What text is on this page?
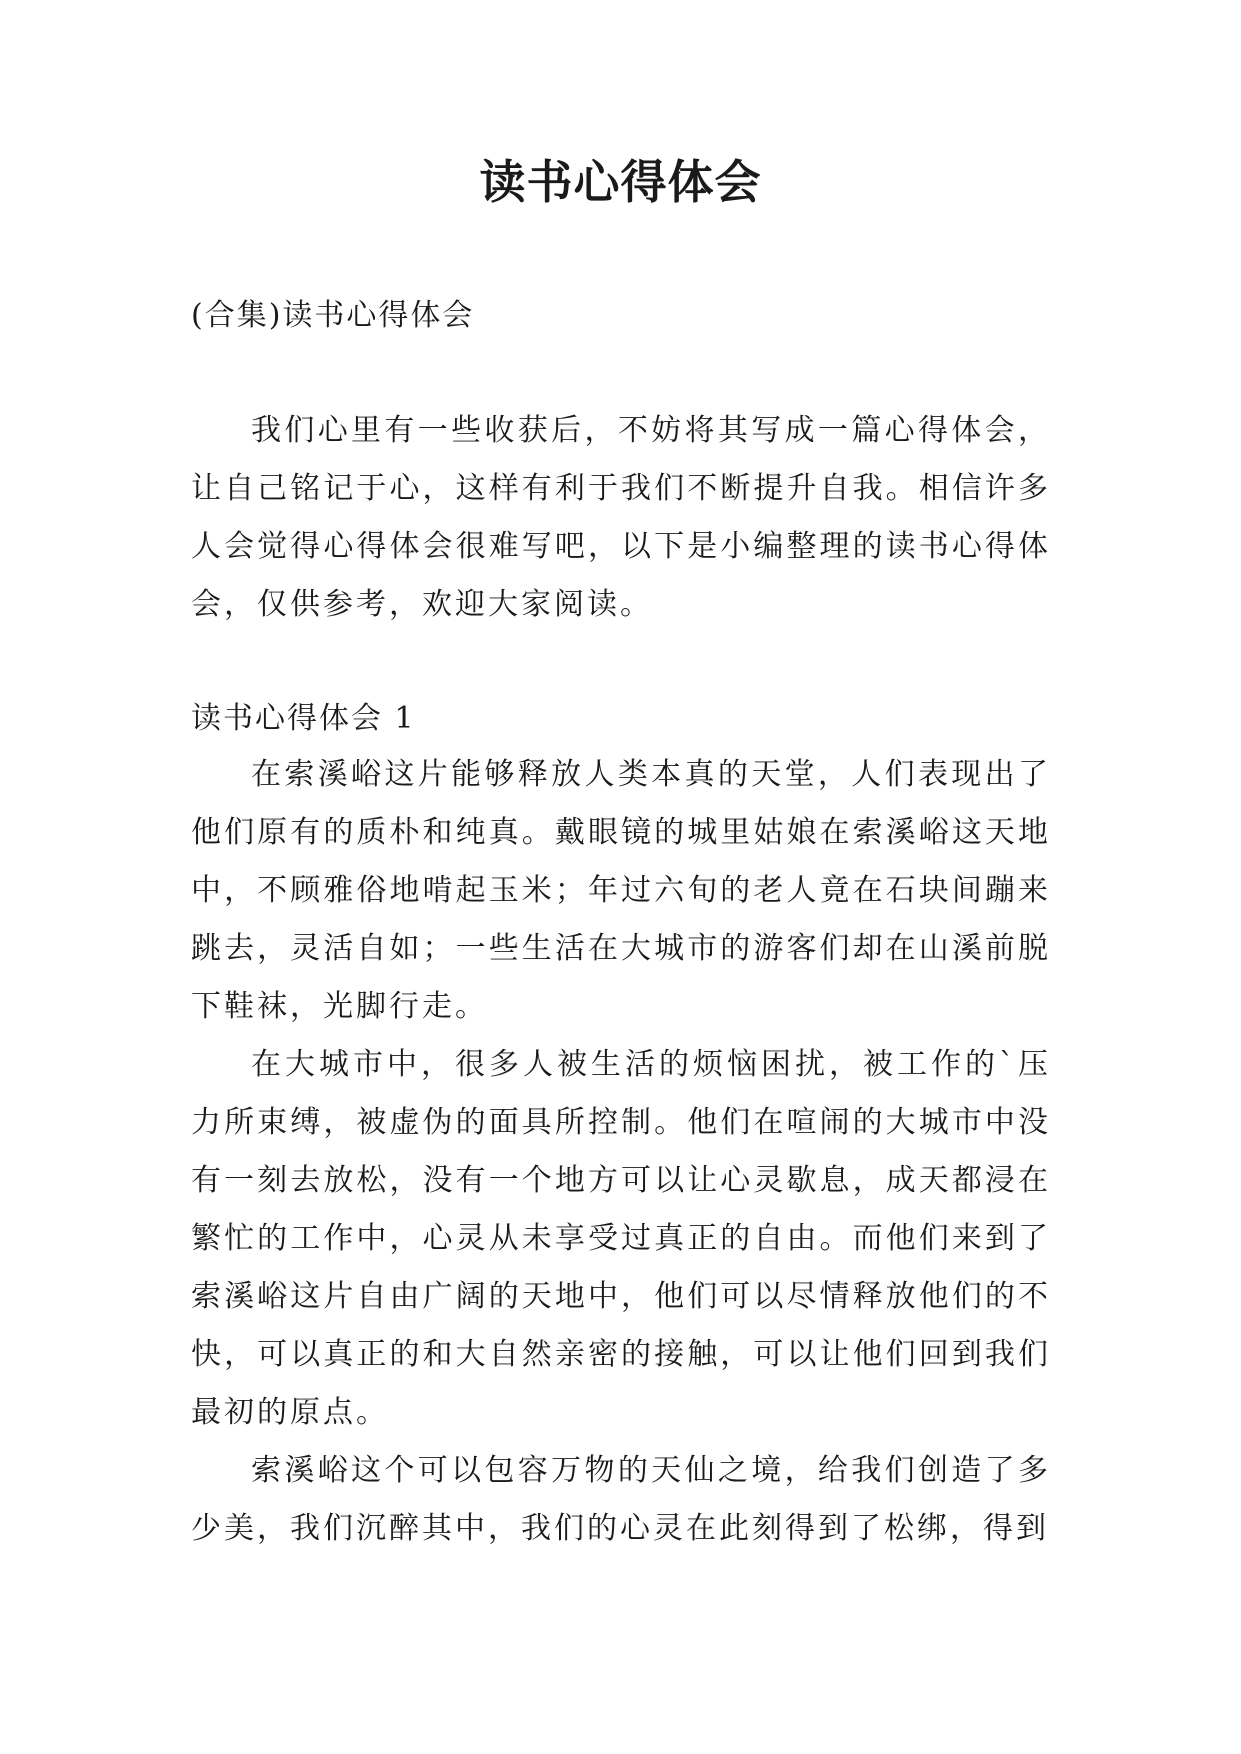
读书心得体会

(合集)读书心得体会

我们心里有一些收获后，不妨将其写成一篇心得体会，让自己铭记于心，这样有利于我们不断提升自我。相信许多人会觉得心得体会很难写吧，以下是小编整理的读书心得体会，仅供参考，欢迎大家阅读。

读书心得体会 1

在索溪峪这片能够释放人类本真的天堂，人们表现出了他们原有的质朴和纯真。戴眼镜的城里姑娘在索溪峪这天地中，不顾雅俗地啃起玉米；年过六旬的老人竟在石块间蹦来跳去，灵活自如；一些生活在大城市的游客们却在山溪前脱下鞋袜，光脚行走。

在大城市中，很多人被生活的烦恼困扰，被工作的`压力所束缚，被虚伪的面具所控制。他们在喧闹的大城市中没有一刻去放松，没有一个地方可以让心灵歇息，成天都浸在繁忙的工作中，心灵从未享受过真正的自由。而他们来到了索溪峪这片自由广阔的天地中，他们可以尽情释放他们的不快，可以真正的和大自然亲密的接触，可以让他们回到我们最初的原点。

索溪峪这个可以包容万物的天仙之境，给我们创造了多少美，我们沉醉其中，我们的心灵在此刻得到了松绑，得到
